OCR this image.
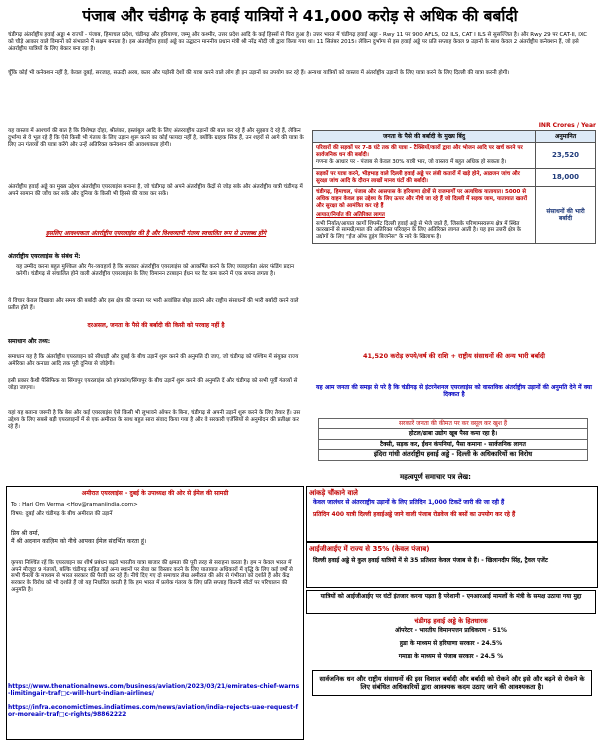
पंजाब और चंडीगढ़ के हवाई यात्रियों ने 41,000 करोड़ से अधिक की बर्बादी
चंडीगढ़ अंतर्राष्ट्रीय हवाई अड्डा 4 राज्यों - पंजाब, हिमाचल प्रदेश, चंडीगढ़ और हरियाणा, जम्मू और कश्मीर, उत्तर प्रदेश आदि के कई हिस्सों से घिरा हुआ है। उत्तर भारत में चंडीगढ़ हवाई अड्डा - Rwy 11 पर 900 AFLS, 02 ILS, CAT I ILS से सुसज्जित है। और Rwy 29 पर CAT-II, IXC को चौड़े आकार वाले विमानों को संभालने में सक्षम बनाता है। इस अंतर्राष्ट्रीय हवाई अड्डे का उद्घाटन माननीय प्रधान मंत्री श्री नरेंद्र मोदी जी द्वारा किया गया था। 11 सितंबर 2015। लेकिन दुर्भाग्य से इस हवाई अड्डे पर प्रति सप्ताह केवल 9 उड़ानों के साथ केवल 2 अंतर्राष्ट्रीय कनेक्शन हैं, जो इसे अंतर्राष्ट्रीय यात्रियों के लिए बेकार बना रहा है।
चूँकि कोई भी कनेक्शन नहीं है, केवल दुबई, सरजाह, सऊदी अरब, कतर और पड़ोसी देशों की यात्रा करने वाले लोग ही इन उड़ानों का उपयोग कर रहे हैं। अन्यथा यात्रियों को वास्तव में अंतर्राष्ट्रीय उड़ानों के लिए यात्रा करने के लिए दिल्ली की यात्रा करनी होगी।
यह वास्तव में आश्चर्य की बात है कि विशेषज्ञ दोहा, श्रीलंका, इस्तांबुल आदि के लिए अंतरराष्ट्रीय उड़ानों की बात कर रहे हैं और सुझाव दे रहे हैं, लेकिन दुर्भाग्य से वे भूल रहे हैं कि ऐसे किसी भी गंतव्य के लिए उड़ान शुरू करने का कोई फायदा नहीं है, क्योंकि ग्राहक सिंक हैं, उन शहरों से आगे की यात्रा के लिए उन गंतव्यों की यात्रा करेंगे और उन्हें अतिरिक्त कनेक्शन की आवश्यकता होगी।
अंतर्राष्ट्रीय हवाई अड्डे का मुख्य उद्देश्य अंतर्राष्ट्रीय एयरलाइंस बनाना है, जो चंडीगढ़ को अपने अंतर्राष्ट्रीय केंद्रों से जोड़ सके और अंतर्राष्ट्रीय यात्री चंडीगढ़ में अपने सामान की जाँच कर सकें और दुनिया के किसी भी हिस्से की यात्रा कर सकें।
इसलिए आवश्यकता अंतर्राष्ट्रीय एयरलाइंस की है और विश्वव्यापी गंतव्य स्वचालित रूप से उपलब्ध होंगे
अंतर्राष्ट्रीय एयरलाइंस के संबंध में:
यह उम्मीद करना बहुत मुश्किल और गैर-व्यवहार्य है कि सरकार अंतर्राष्ट्रीय एयरलाइंस को आकर्षित करने के लिए व्यवहार्यता अंतर फंडिंग प्रदान करेगी। चंडीगढ़ से संचालित होने वाली अंतर्राष्ट्रीय एयरलाइंस के लिए विमानन टरबाइन ईंधन पर वैट कम करने में एक सपना लगता है।
ये विचार केवल दिखावा और समय की बर्बादी और इस क्षेत्र की जनता पर भारी अवांछित बोझ डालने और राष्ट्रीय संसाधनों की भारी बर्बादी करने वाले प्रतीत होते हैं।
दरअसल, जनता के पैसे की बर्बादी की किसी को परवाह नहीं है
समाधान और तथ्य:
समाधान यह है कि अंतर्राष्ट्रीय एयरलाइन को सीधाड़ी और दुबई के बीच उड़ानें शुरू करने की अनुमति दी जाए, जो चंडीगढ़ को पश्चिम में संयुक्त राज्य अमेरिका और कनाडा आदि तक पूरी दुनिया से जोड़ेगी।
इसी प्रकार कैथी पैसिफिक या सिंगापुर एयरलाइंस को हांगकांग/सिंगापुर के बीच उड़ानें शुरू करने की अनुमति दें और चंडीगढ़ को सभी पूर्वी गंतव्यों से जोड़ा जाएगा।
यहां यह बताना जरूरी है कि बेस और कई एयरलाइंस ऐसे किसी भी लुभावने ऑफर के बिना, चंडीगढ़ से अपनी उड़ानें शुरू करने के लिए तैयार हैं। उस उद्देश्य के लिए सबसे बड़ी एयरलाइनों में से एक अमीरात के साथ बहुत सारा संवाद किया गया है और वे सरकारी एजेंसियों से अनुमोदन की प्रतीक्षा कर रहे हैं।
INR Crores / Year
जनता के पैसे की बर्बादी के मुख्य बिंदु	अनुमानित

परिवारों की सड़कों पर 7-8 घंटे तक की यात्रा - टैक्सियों/कारों द्वारा और भोजन आदि पर खर्च करने पर सार्वजनिक धन की बर्बादी।
गणना के आधार पर - पंजाब से केवल 30% यात्री भार, जो वास्तव में बहुत अधिक हो सकता है।	23,520
सड़कों पर यात्रा करने, भीड़भाड़ वाले दिल्ली हवाई अड्डे पर लंबी कतारों में खड़े होने, आव्रजन जांच और सुरक्षा जांच आदि के दौरान लाखों मानव घंटों की बर्बादी।	18,000

चंडीगढ़, हिमाचल, पंजाब और आसपास के हरियाणा क्षेत्रों से राजमार्गों पर अत्यधिक यातायात। 5000 से अधिक वाहन केवल इस उद्देश्य के लिए ऊपर और नीचे जा रहे हैं जो दिल्ली में सड़क जाम, यातायात खतरों और सुरक्षा को आमंत्रित कर रहे हैं
आयात/निर्यात की अतिरिक्त लागत
सभी निर्यात/आयात कार्गो शिपमेंट दिल्ली हवाई अड्डे से भेजे जाते हैं, जिसके परिणामस्वरूप क्षेत्र में स्थित कारखानों से सामग्री/माल की अतिरिक्त परिवहन के लिए अतिरिक्त लागत आती है। यह इस उत्तरी क्षेत्र के उद्योगों के लिए "ईज ऑफ डूइंग बिजनेस" के नारे के खिलाफ है।	संसाधनों की भारी बर्बादी
41,520 करोड़ रुपये/वर्ष की राशि + राष्ट्रीय संसाधनों की अन्य भारी बर्बादी
यह आम जनता की समझ से परे है कि चंडीगढ़ से इंटरनेशनल एयरलाइंस को वास्तविक अंतर्राष्ट्रीय उड़ानों की अनुमति देने में क्या दिक्कत है
सरकारें जनता की कीमत पर कर वसूल कर खुश हैं
होटल/ढाबा उद्योग खूब पैसा कमा रहा है।
टैक्सी, सड़क कर, ईंधन कंपनियां, पैसा कमाना - सार्वजनिक लागत
इंदिरा गांधी अंतर्राष्ट्रीय हवाई अड्डे - दिल्ली के अधिकारियों का विरोध
महत्वपूर्ण समाचार पत्र लेख:
अमीरात एयरलाइंस - दुबई के उपाध्यक्ष की ओर से ईमेल की सामग्री
To : Hari Om Verma <Hov@ramaniindia.com>
विषय: दुबई और चंडीगढ़ के बीच अमीरात की उड़ानें
प्रिय श्री वर्मा,
मैं श्री अदनान काज़िम को नीचे आपका ईमेल संदर्भित करता हूं।
कृपया निश्चिंत रहें कि एयरलाइन का शीर्ष प्रबंधन बढ़ते भारतीय यात्रा बाजार की क्षमता की पूरी तरह से सराहना करता है। हम न केवल भारत में अपने मौजूदा 9 गंतव्यों, बल्कि चंडीगढ़ सहित कई अन्य स्थानों पर सेवा का विस्तार करने के लिए यातायात अधिकारों में वृद्धि के लिए कई वर्षों से सभी चैनलों के माध्यम से भारत सरकार की पैरवी कर रहे हैं। नीचे दिए गए दो समाचार लेख अमीरात की ओर से गंभीरता को दर्शाते हैं और केंद्र सरकार के विरोध को भी दर्शाते हैं जो यह निर्धारित करती है कि हम भारत में प्रत्येक गंतव्य के लिए प्रति सप्ताह कितनी सीटों पर परिचालन की अनुमति है।
https://www.thenationalnews.com/business/aviation/2023/03/21/emirates-chief-warns-limitingair-traf□c-will-hurt-indian-airlines/
https://infra.economictimes.indiatimes.com/news/aviation/india-rejects-uae-request-for-moreair-traf□c-rights/98862222
आंकड़े चौंकाने वाले
केवल जालंधर से अंतरराष्ट्रीय उड़ानों के लिए प्रतिदिन 1,000 टिकटें जारी की जा रही हैं
प्रतिदिन 400 यात्री दिल्ली हवाईअड्डे जाने वाली पंजाब रोडवेज की बसों का उपयोग कर रहे हैं
आईजीआईए में राज्य से 35% (केवल पंजाब)
दिल्ली हवाई अड्डे से कुल हवाई यात्रियों में से 35 प्रतिशत केवल पंजाब से हैं। - खिलानदीप सिंह, ट्रैवल एजेंट
यात्रियों को आईजीआईए पर घंटों इंतजार करना पड़ता है परेशानी - एनआरआई मामलों के मंत्री के समक्ष उठाया गया मुद्दा
चंडीगढ़ हवाई अड्डे के हितधारक
ऑपरेटर - भारतीय विमानपत्तन प्राधिकरण - 51%
हुडा के माध्यम से हरियाणा सरकार - 24.5%
गमाडा के माध्यम से पंजाब सरकार - 24.5 %
सार्वजनिक धन और राष्ट्रीय संसाधनों की इस विशाल बर्बादी और बर्बादी को रोकने और इसे और बढ़ने से रोकने के लिए संबंधित अधिकारियों द्वारा आवश्यक कदम उठाए जाने की आवश्यकता है।
